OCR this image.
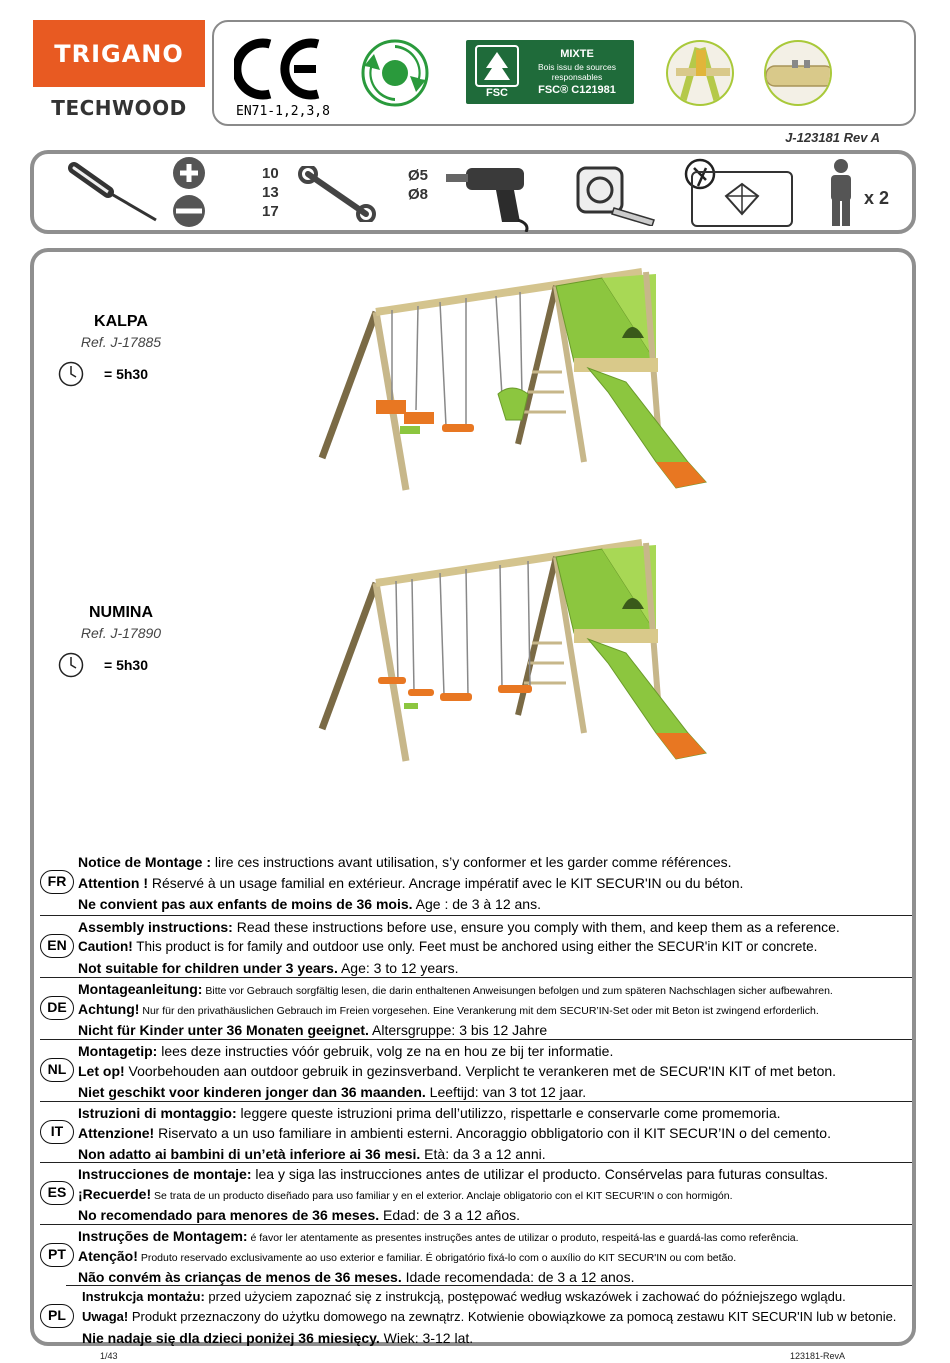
TRIGANO
TECHWOOD	EN71-1,2,3,8
FSC
MIXTE
Bois issu de sources responsables
FSC® C121981
J-123181 Rev A
10
13
17
Ø5
Ø8	x 2
KALPA
Ref. J-17885
= 5h30
NUMINA
Ref. J-17890
= 5h30
FR
Notice de Montage : lire ces instructions avant utilisation, s’y conformer et les garder comme références.
Attention ! Réservé à un usage familial en extérieur. Ancrage impératif avec le KIT SECUR'IN ou du béton.
Ne convient pas aux enfants de moins de 36 mois. Age : de 3 à 12 ans.
EN
Assembly instructions: Read these instructions before use, ensure you comply with them, and keep them as a reference.
Caution! This product is for family and outdoor use only. Feet must be anchored using either the SECUR'in KIT or concrete.
Not suitable for children under 3 years. Age: 3 to 12 years.
DE
Montageanleitung: Bitte vor Gebrauch sorgfältig lesen, die darin enthaltenen Anweisungen befolgen und zum späteren Nachschlagen sicher aufbewahren.
Achtung! Nur für den privathäuslichen Gebrauch im Freien vorgesehen. Eine Verankerung mit dem SECUR’IN-Set oder mit Beton ist zwingend erforderlich.
Nicht für Kinder unter 36 Monaten geeignet. Altersgruppe: 3 bis 12 Jahre
NL
Montagetip: lees deze instructies vóór gebruik, volg ze na en hou ze bij ter informatie.
Let op! Voorbehouden aan outdoor gebruik in gezinsverband. Verplicht te verankeren met de SECUR'IN KIT of met beton.
Niet geschikt voor kinderen jonger dan 36 maanden. Leeftijd: van 3 tot 12 jaar.
IT
Istruzioni di montaggio: leggere queste istruzioni prima dell’utilizzo, rispettarle e conservarle come promemoria.
Attenzione! Riservato a un uso familiare in ambienti esterni. Ancoraggio obbligatorio con il KIT SECUR’IN o del cemento.
Non adatto ai bambini di un’età inferiore ai 36 mesi. Età: da 3 a 12 anni.
ES
Instrucciones de montaje: lea y siga las instrucciones antes de utilizar el producto. Consérvelas para futuras consultas.
¡Recuerde! Se trata de un producto diseñado para uso familiar y en el exterior. Anclaje obligatorio con el KIT SECUR'IN o con hormigón.
No recomendado para menores de 36 meses. Edad: de 3 a 12 años.
PT
Instruções de Montagem: é favor ler atentamente as presentes instruções antes de utilizar o produto, respeitá-las e guardá-las como referência.
Atenção! Produto reservado exclusivamente ao uso exterior e familiar. É obrigatório fixá-lo com o auxílio do KIT SECUR'IN ou com betão.
Não convém às crianças de menos de 36 meses. Idade recomendada: de 3 a 12 anos.
PL
Instrukcja montażu: przed użyciem zapoznać się z instrukcją, postępować według wskazówek i zachować do późniejszego wglądu.
Uwaga! Produkt przeznaczony do użytku domowego na zewnątrz. Kotwienie obowiązkowe za pomocą zestawu KIT SECUR'IN lub w betonie.
Nie nadaje się dla dzieci poniżej 36 miesięcy. Wiek: 3-12 lat.
1/43	123181-RevA
